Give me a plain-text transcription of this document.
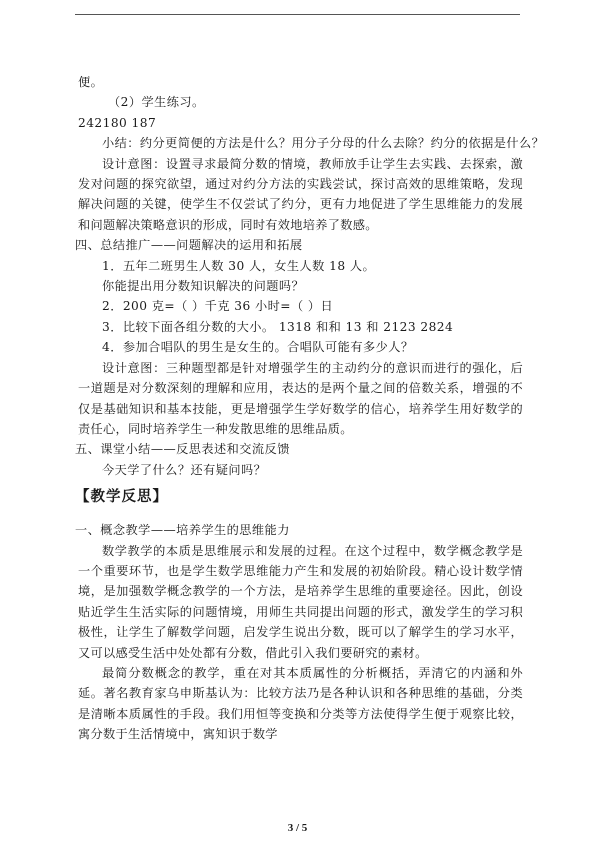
便。
（2）学生练习。
242180 187
小结：约分更简便的方法是什么？用分子分母的什么去除？约分的依据是什么？
设计意图：设置寻求最简分数的情境，教师放手让学生去实践、去探索，激发对问题的探究欲望，通过对约分方法的实践尝试，探讨高效的思维策略，发现解决问题的关键，使学生不仅尝试了约分，更有力地促进了学生思维能力的发展和问题解决策略意识的形成，同时有效地培养了数感。
四、总结推广——问题解决的运用和拓展
1．五年二班男生人数 30 人，女生人数 18 人。
你能提出用分数知识解决的问题吗？
2．200 克=（ ）千克 36 小时=（ ）日
3．比较下面各组分数的大小。 1318 和和 13 和 2123 2824
4．参加合唱队的男生是女生的。合唱队可能有多少人？
设计意图：三种题型都是针对增强学生的主动约分的意识而进行的强化，后一道题是对分数深刻的理解和应用，表达的是两个量之间的倍数关系，增强的不仅是基础知识和基本技能，更是增强学生学好数学的信心，培养学生用好数学的责任心，同时培养学生一种发散思维的思维品质。
五、课堂小结——反思表述和交流反馈
今天学了什么？还有疑问吗？
【教学反思】
一、概念教学——培养学生的思维能力
数学教学的本质是思维展示和发展的过程。在这个过程中，数学概念教学是一个重要环节，也是学生数学思维能力产生和发展的初始阶段。精心设计数学情境，是加强数学概念教学的一个方法，是培养学生思维的重要途径。因此，创设贴近学生生活实际的问题情境，用师生共同提出问题的形式，激发学生的学习积极性，让学生了解数学问题，启发学生说出分数，既可以了解学生的学习水平，又可以感受生活中处处都有分数，借此引入我们要研究的素材。
最简分数概念的教学，重在对其本质属性的分析概括，弄清它的内涵和外延。著名教育家乌申斯基认为：比较方法乃是各种认识和各种思维的基础，分类是清晰本质属性的手段。我们用恒等变换和分类等方法使得学生便于观察比较，寓分数于生活情境中，寓知识于数学
3 / 5
